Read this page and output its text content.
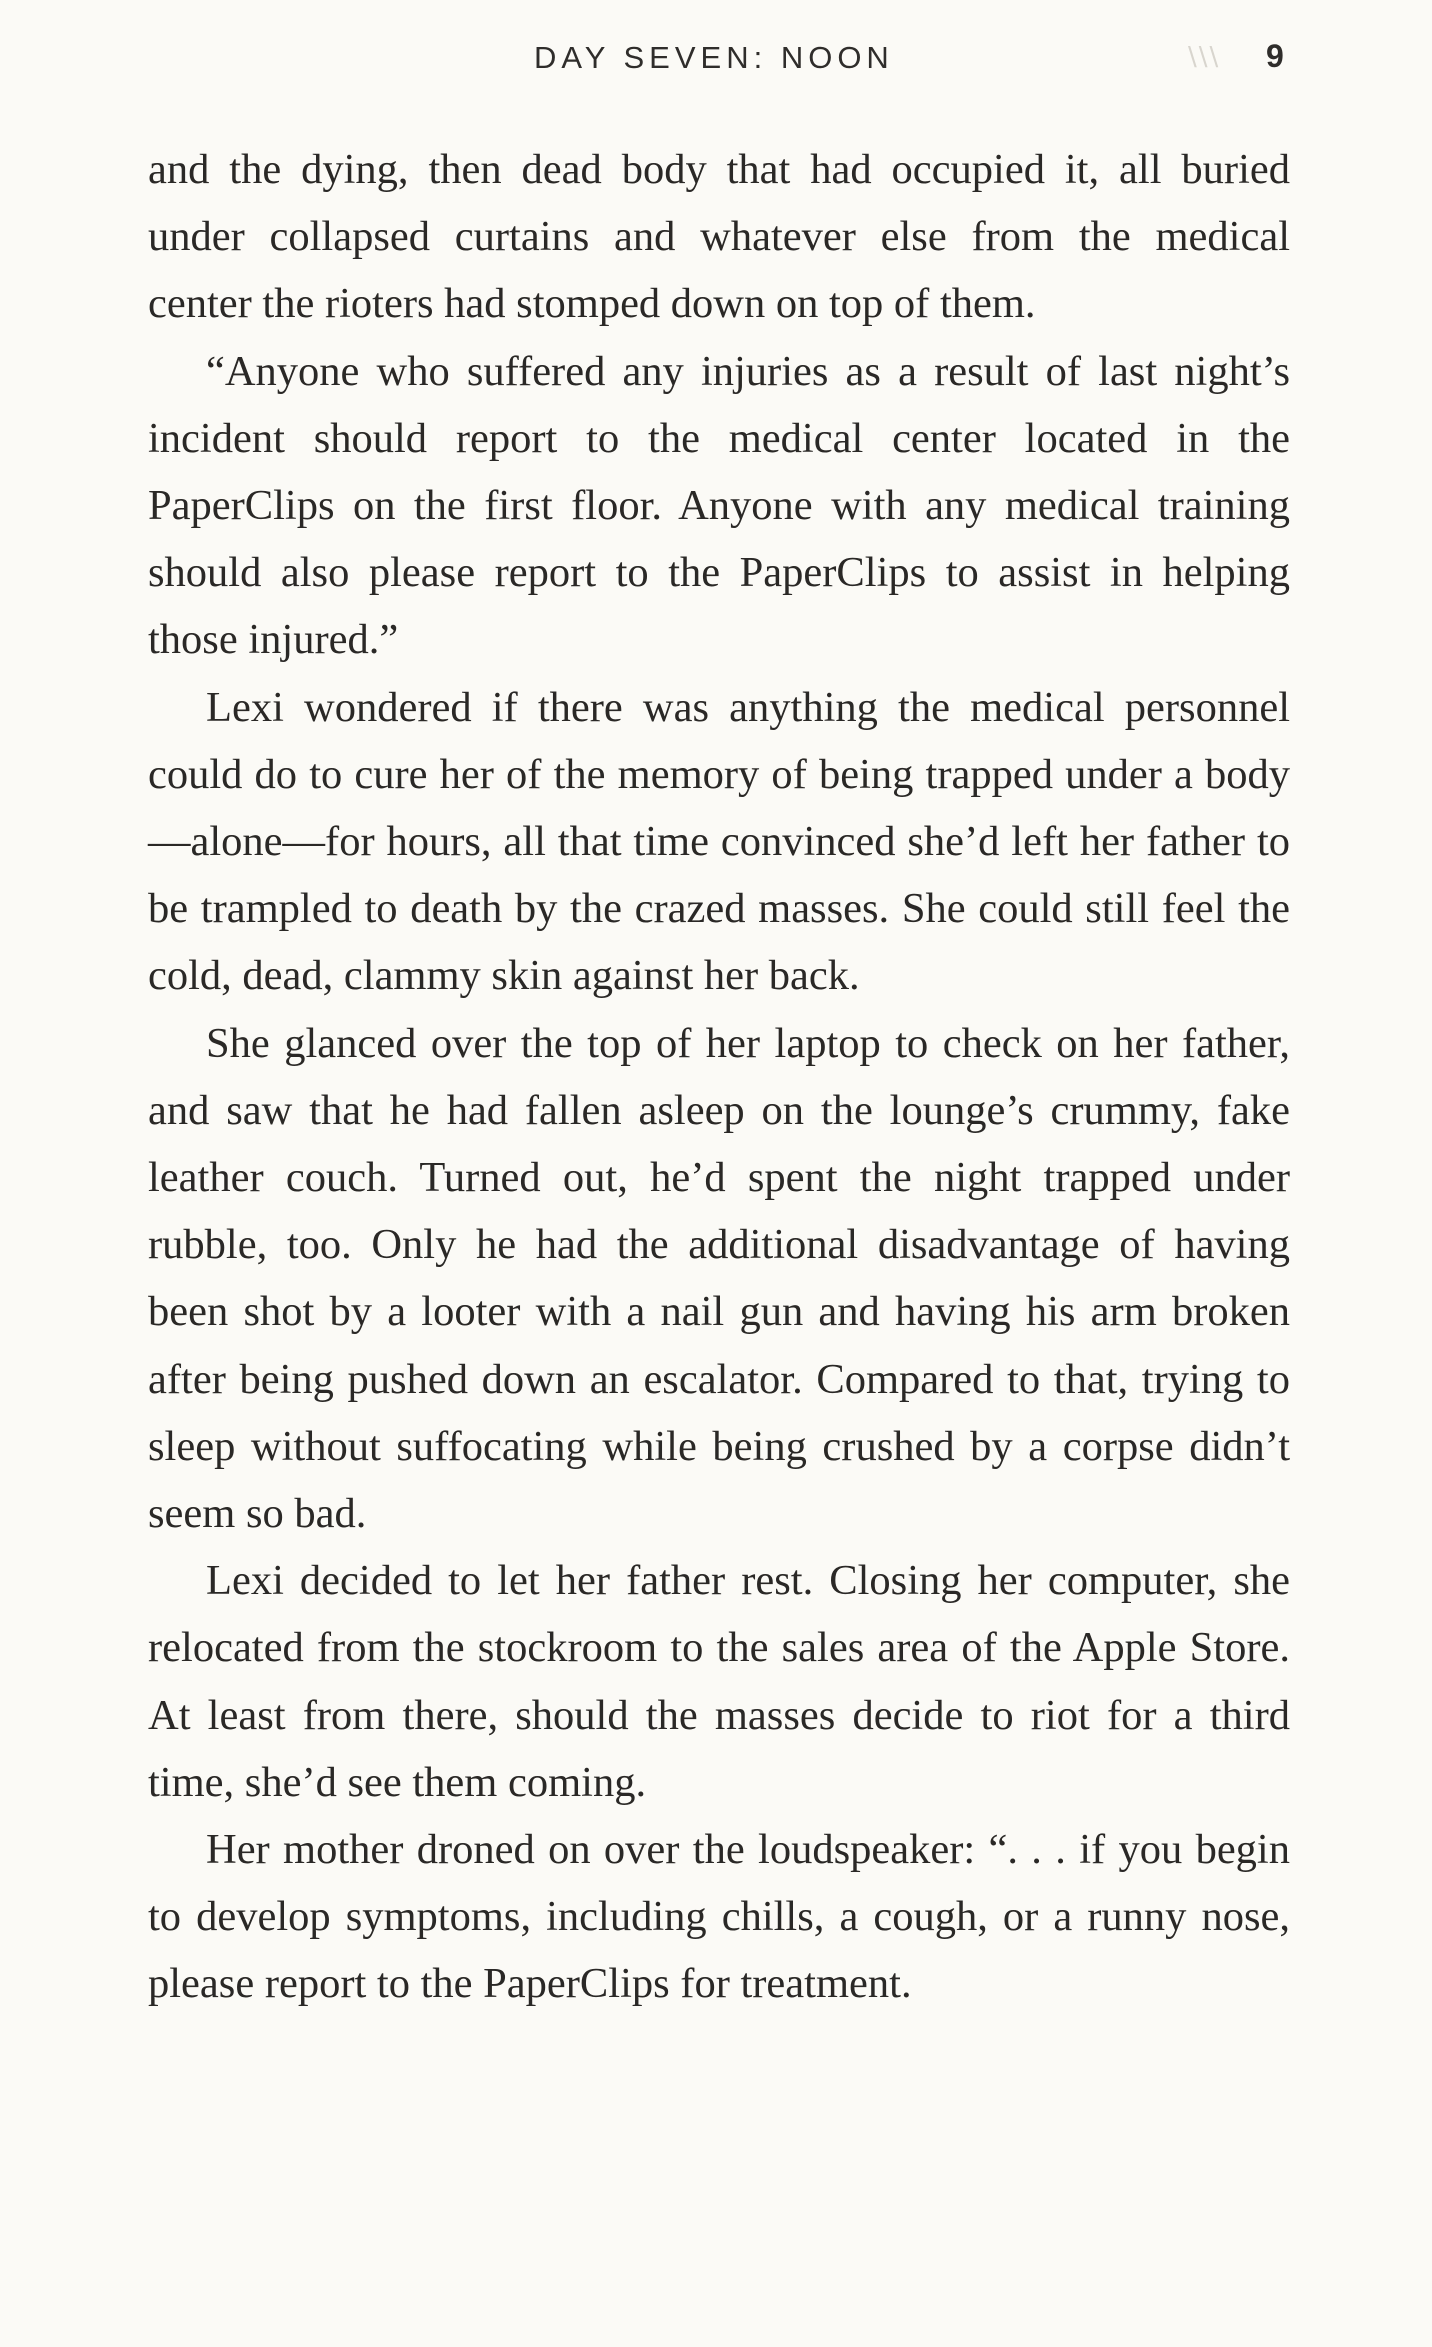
DAY SEVEN: NOON	\\\ 9

and the dying, then dead body that had occupied it, all buried under collapsed curtains and whatever else from the medical center the rioters had stomped down on top of them.

“Anyone who suffered any injuries as a result of last night’s incident should report to the medical center located in the PaperClips on the first floor. Anyone with any medical training should also please report to the PaperClips to assist in helping those injured.”

Lexi wondered if there was anything the medical personnel could do to cure her of the memory of being trapped under a body—alone—for hours, all that time convinced she’d left her father to be trampled to death by the crazed masses. She could still feel the cold, dead, clammy skin against her back.

She glanced over the top of her laptop to check on her father, and saw that he had fallen asleep on the lounge’s crummy, fake leather couch. Turned out, he’d spent the night trapped under rubble, too. Only he had the additional disadvantage of having been shot by a looter with a nail gun and having his arm broken after being pushed down an escalator. Compared to that, trying to sleep without suffocating while being crushed by a corpse didn’t seem so bad.

Lexi decided to let her father rest. Closing her computer, she relocated from the stockroom to the sales area of the Apple Store. At least from there, should the masses decide to riot for a third time, she’d see them coming.

Her mother droned on over the loudspeaker: “. . . if you begin to develop symptoms, including chills, a cough, or a runny nose, please report to the PaperClips for treatment.
